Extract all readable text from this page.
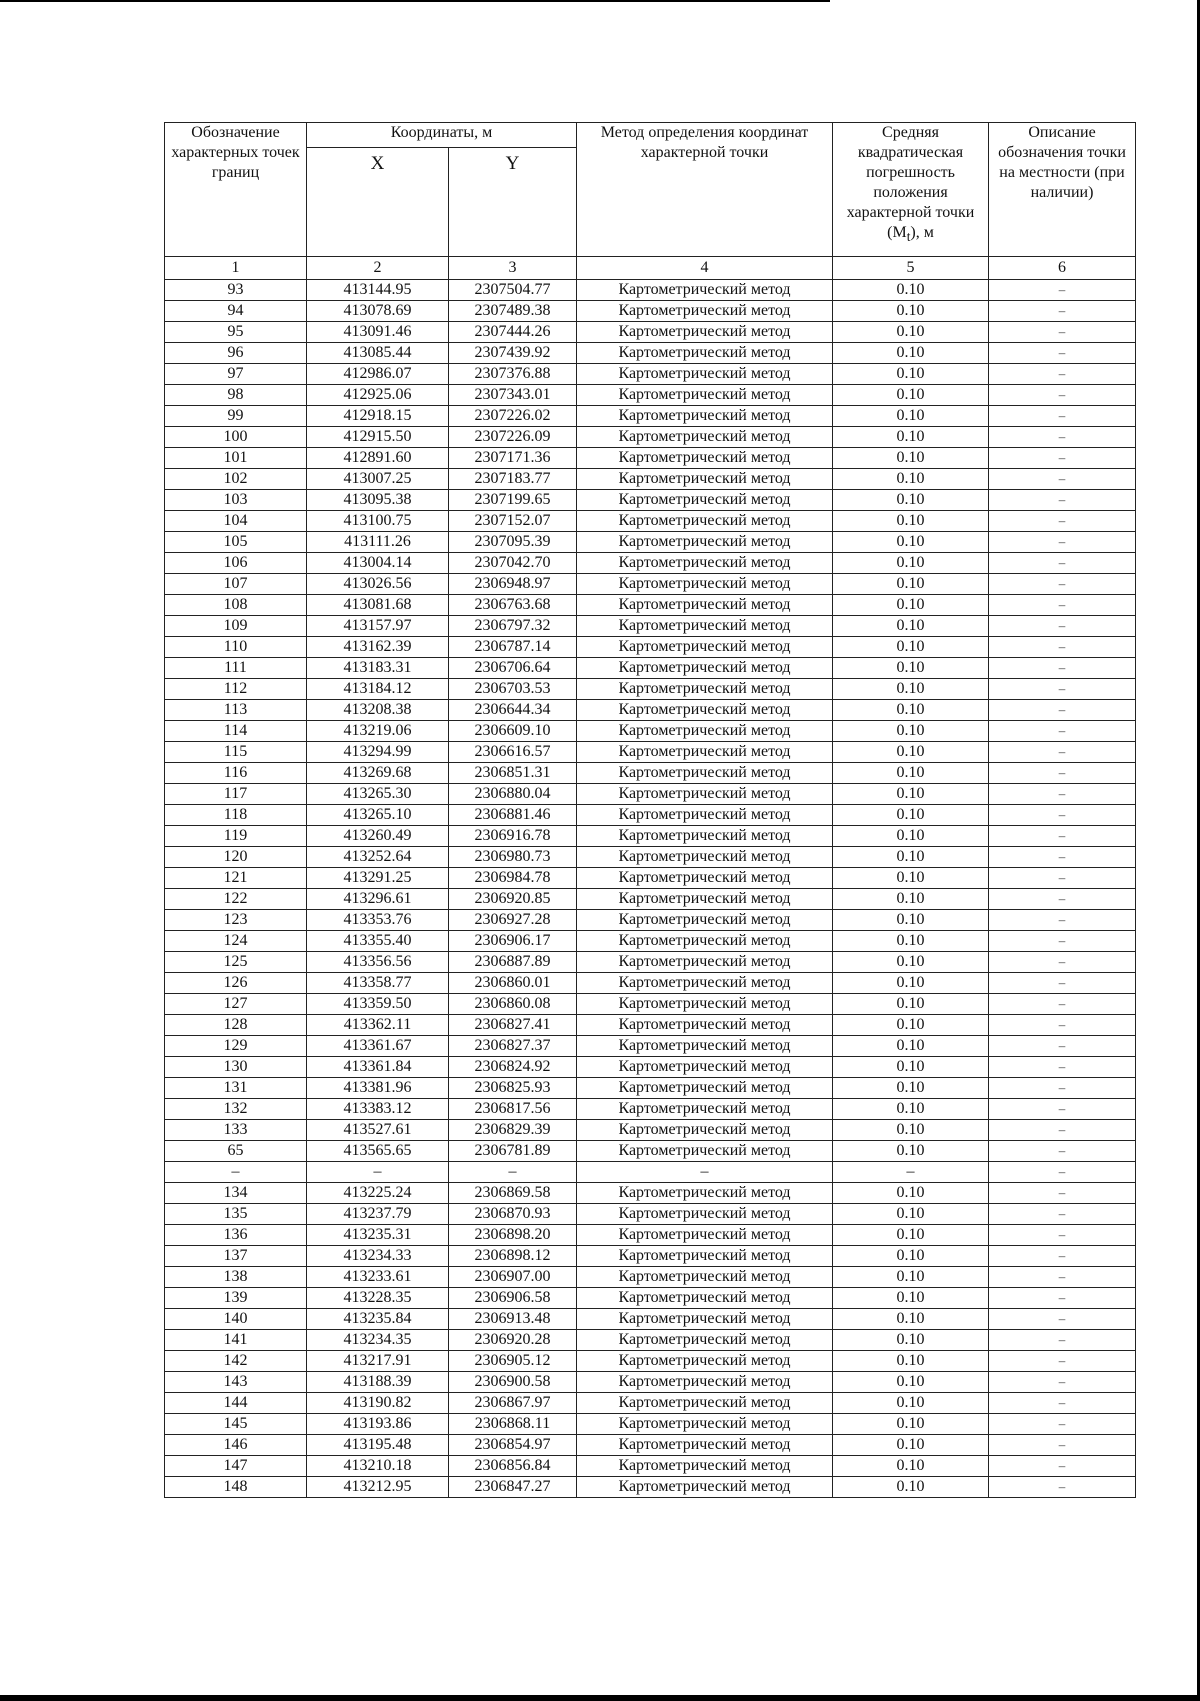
Обозначение характерных точек границ	Координаты, м		Метод определения координат характерной точки	Средняя квадратическая погрешность положения характерной точки $(M_t)$, м	Описание обозначения точки на местности (при наличии)
	X	Y			
1	2	3	4	5	6
93	413144.95	2307504.77	Картометрический метод	0.10	–
94	413078.69	2307489.38	Картометрический метод	0.10	–
95	413091.46	2307444.26	Картометрический метод	0.10	–
96	413085.44	2307439.92	Картометрический метод	0.10	–
97	412986.07	2307376.88	Картометрический метод	0.10	–
98	412925.06	2307343.01	Картометрический метод	0.10	–
99	412918.15	2307226.02	Картометрический метод	0.10	–
100	412915.50	2307226.09	Картометрический метод	0.10	–
101	412891.60	2307171.36	Картометрический метод	0.10	–
102	413007.25	2307183.77	Картометрический метод	0.10	–
103	413095.38	2307199.65	Картометрический метод	0.10	–
104	413100.75	2307152.07	Картометрический метод	0.10	–
105	413111.26	2307095.39	Картометрический метод	0.10	–
106	413004.14	2307042.70	Картометрический метод	0.10	–
107	413026.56	2306948.97	Картометрический метод	0.10	–
108	413081.68	2306763.68	Картометрический метод	0.10	–
109	413157.97	2306797.32	Картометрический метод	0.10	–
110	413162.39	2306787.14	Картометрический метод	0.10	–
111	413183.31	2306706.64	Картометрический метод	0.10	–
112	413184.12	2306703.53	Картометрический метод	0.10	–
113	413208.38	2306644.34	Картометрический метод	0.10	–
114	413219.06	2306609.10	Картометрический метод	0.10	–
115	413294.99	2306616.57	Картометрический метод	0.10	–
116	413269.68	2306851.31	Картометрический метод	0.10	–
117	413265.30	2306880.04	Картометрический метод	0.10	–
118	413265.10	2306881.46	Картометрический метод	0.10	–
119	413260.49	2306916.78	Картометрический метод	0.10	–
120	413252.64	2306980.73	Картометрический метод	0.10	–
121	413291.25	2306984.78	Картометрический метод	0.10	–
122	413296.61	2306920.85	Картометрический метод	0.10	–
123	413353.76	2306927.28	Картометрический метод	0.10	–
124	413355.40	2306906.17	Картометрический метод	0.10	–
125	413356.56	2306887.89	Картометрический метод	0.10	–
126	413358.77	2306860.01	Картометрический метод	0.10	–
127	413359.50	2306860.08	Картометрический метод	0.10	–
128	413362.11	2306827.41	Картометрический метод	0.10	–
129	413361.67	2306827.37	Картометрический метод	0.10	–
130	413361.84	2306824.92	Картометрический метод	0.10	–
131	413381.96	2306825.93	Картометрический метод	0.10	–
132	413383.12	2306817.56	Картометрический метод	0.10	–
133	413527.61	2306829.39	Картометрический метод	0.10	–
65	413565.65	2306781.89	Картометрический метод	0.10	–
–	–	–	–	–	–
134	413225.24	2306869.58	Картометрический метод	0.10	–
135	413237.79	2306870.93	Картометрический метод	0.10	–
136	413235.31	2306898.20	Картометрический метод	0.10	–
137	413234.33	2306898.12	Картометрический метод	0.10	–
138	413233.61	2306907.00	Картометрический метод	0.10	–
139	413228.35	2306906.58	Картометрический метод	0.10	–
140	413235.84	2306913.48	Картометрический метод	0.10	–
141	413234.35	2306920.28	Картометрический метод	0.10	–
142	413217.91	2306905.12	Картометрический метод	0.10	–
143	413188.39	2306900.58	Картометрический метод	0.10	–
144	413190.82	2306867.97	Картометрический метод	0.10	–
145	413193.86	2306868.11	Картометрический метод	0.10	–
146	413195.48	2306854.97	Картометрический метод	0.10	–
147	413210.18	2306856.84	Картометрический метод	0.10	–
148	413212.95	2306847.27	Картометрический метод	0.10	–
